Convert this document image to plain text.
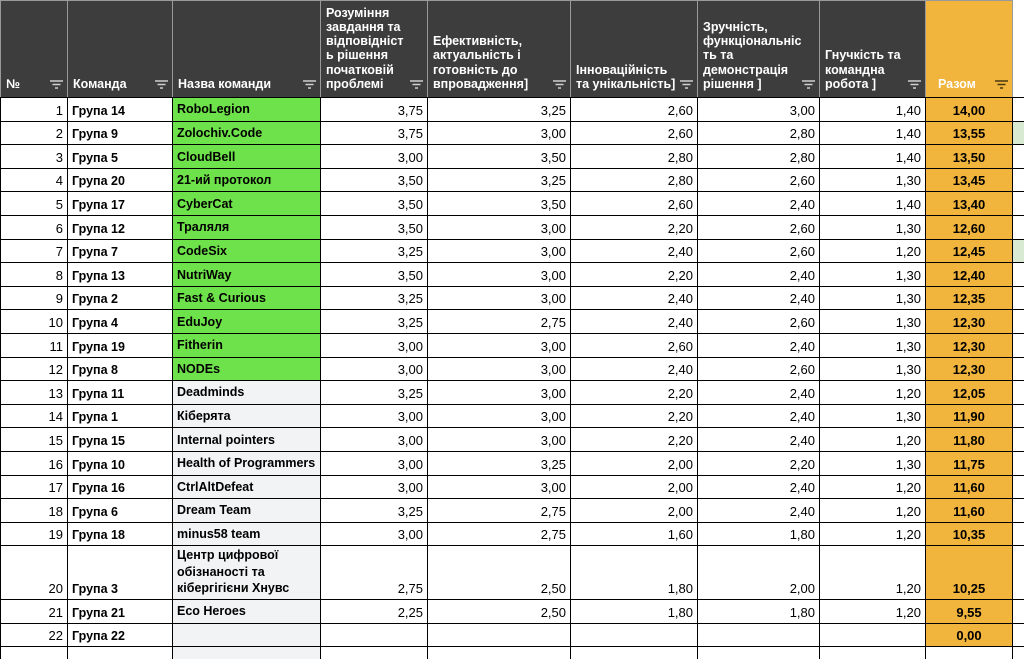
№	Команда	Назва команди	Розуміння завдання та відповідність рішення початковій проблемі	Ефективність, актуальність і готовність до впровадження]	Інноваційність та унікальність]	Зручність, функціональність та демонстрація рішення ]	Гнучкість та командна робота ]	Разом

1	Група 14	RoboLegion	3,75	3,25	2,60	3,00	1,40	14,00	
2	Група 9	Zolochiv.Code	3,75	3,00	2,60	2,80	1,40	13,55	
3	Група 5	CloudBell	3,00	3,50	2,80	2,80	1,40	13,50	
4	Група 20	21-ий протокол	3,50	3,25	2,80	2,60	1,30	13,45	
5	Група 17	CyberCat	3,50	3,50	2,60	2,40	1,40	13,40	
6	Група 12	Траляля	3,50	3,00	2,20	2,60	1,30	12,60	
7	Група 7	CodeSix	3,25	3,00	2,40	2,60	1,20	12,45	
8	Група 13	NutriWay	3,50	3,00	2,20	2,40	1,30	12,40	
9	Група 2	Fast & Curious	3,25	3,00	2,40	2,40	1,30	12,35	
10	Група 4	EduJoy	3,25	2,75	2,40	2,60	1,30	12,30	
11	Група 19	Fitherin	3,00	3,00	2,60	2,40	1,30	12,30	
12	Група 8	NODEs	3,00	3,00	2,40	2,60	1,30	12,30	
13	Група 11	Deadminds	3,25	3,00	2,20	2,40	1,20	12,05	
14	Група 1	Кіберята	3,00	3,00	2,20	2,40	1,30	11,90	
15	Група 15	Internal pointers	3,00	3,00	2,20	2,40	1,20	11,80	
16	Група 10	Health of Programmers	3,00	3,25	2,00	2,20	1,30	11,75	
17	Група 16	CtrlAltDefeat	3,00	3,00	2,00	2,40	1,20	11,60	
18	Група 6	Dream Team	3,25	2,75	2,00	2,40	1,20	11,60	
19	Група 18	minus58 team	3,00	2,75	1,60	1,80	1,20	10,35	
20	Група 3	Центр цифрової обізнаності та кібергігієни Хнувс	2,75	2,50	1,80	2,00	1,20	10,25	
21	Група 21	Eco Heroes	2,25	2,50	1,80	1,80	1,20	9,55	
22	Група 22							0,00	
